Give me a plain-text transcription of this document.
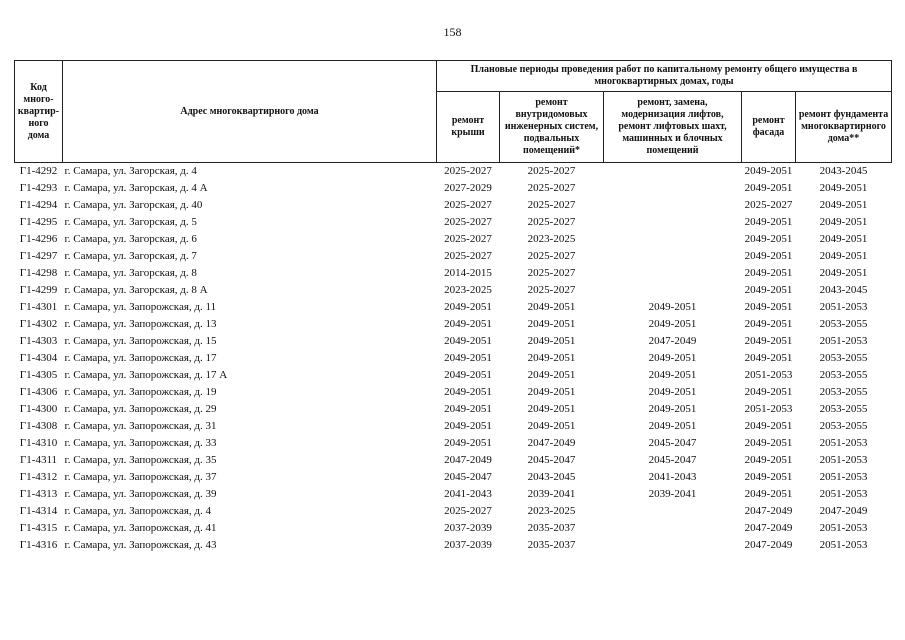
158
Код много-квартир-ного дома	Адрес многоквартирного дома	Плановые периоды проведения работ по капитальному ремонту общего имущества в многоквартирных домах, годы				
		ремонт крыши	ремонт внутридомовых инженерных систем, подвальных помещений*	ремонт, замена, модернизация лифтов, ремонт лифтовых шахт, машинных и блочных помещений	ремонт фасада	ремонт фундамента многоквартирного дома**
Г1-4292	г. Самара, ул. Загорская, д. 4	2025-2027	2025-2027		2049-2051	2043-2045
Г1-4293	г. Самара, ул. Загорская, д. 4 А	2027-2029	2025-2027		2049-2051	2049-2051
Г1-4294	г. Самара, ул. Загорская, д. 40	2025-2027	2025-2027		2025-2027	2049-2051
Г1-4295	г. Самара, ул. Загорская, д. 5	2025-2027	2025-2027		2049-2051	2049-2051
Г1-4296	г. Самара, ул. Загорская, д. 6	2025-2027	2023-2025		2049-2051	2049-2051
Г1-4297	г. Самара, ул. Загорская, д. 7	2025-2027	2025-2027		2049-2051	2049-2051
Г1-4298	г. Самара, ул. Загорская, д. 8	2014-2015	2025-2027		2049-2051	2049-2051
Г1-4299	г. Самара, ул. Загорская, д. 8 А	2023-2025	2025-2027		2049-2051	2043-2045
Г1-4301	г. Самара, ул. Запорожская, д. 11	2049-2051	2049-2051	2049-2051	2049-2051	2051-2053
Г1-4302	г. Самара, ул. Запорожская, д. 13	2049-2051	2049-2051	2049-2051	2049-2051	2053-2055
Г1-4303	г. Самара, ул. Запорожская, д. 15	2049-2051	2049-2051	2047-2049	2049-2051	2051-2053
Г1-4304	г. Самара, ул. Запорожская, д. 17	2049-2051	2049-2051	2049-2051	2049-2051	2053-2055
Г1-4305	г. Самара, ул. Запорожская, д. 17 А	2049-2051	2049-2051	2049-2051	2051-2053	2053-2055
Г1-4306	г. Самара, ул. Запорожская, д. 19	2049-2051	2049-2051	2049-2051	2049-2051	2053-2055
Г1-4300	г. Самара, ул. Запорожская, д. 29	2049-2051	2049-2051	2049-2051	2051-2053	2053-2055
Г1-4308	г. Самара, ул. Запорожская, д. 31	2049-2051	2049-2051	2049-2051	2049-2051	2053-2055
Г1-4310	г. Самара, ул. Запорожская, д. 33	2049-2051	2047-2049	2045-2047	2049-2051	2051-2053
Г1-4311	г. Самара, ул. Запорожская, д. 35	2047-2049	2045-2047	2045-2047	2049-2051	2051-2053
Г1-4312	г. Самара, ул. Запорожская, д. 37	2045-2047	2043-2045	2041-2043	2049-2051	2051-2053
Г1-4313	г. Самара, ул. Запорожская, д. 39	2041-2043	2039-2041	2039-2041	2049-2051	2051-2053
Г1-4314	г. Самара, ул. Запорожская, д. 4	2025-2027	2023-2025		2047-2049	2047-2049
Г1-4315	г. Самара, ул. Запорожская, д. 41	2037-2039	2035-2037		2047-2049	2051-2053
Г1-4316	г. Самара, ул. Запорожская, д. 43	2037-2039	2035-2037		2047-2049	2051-2053
